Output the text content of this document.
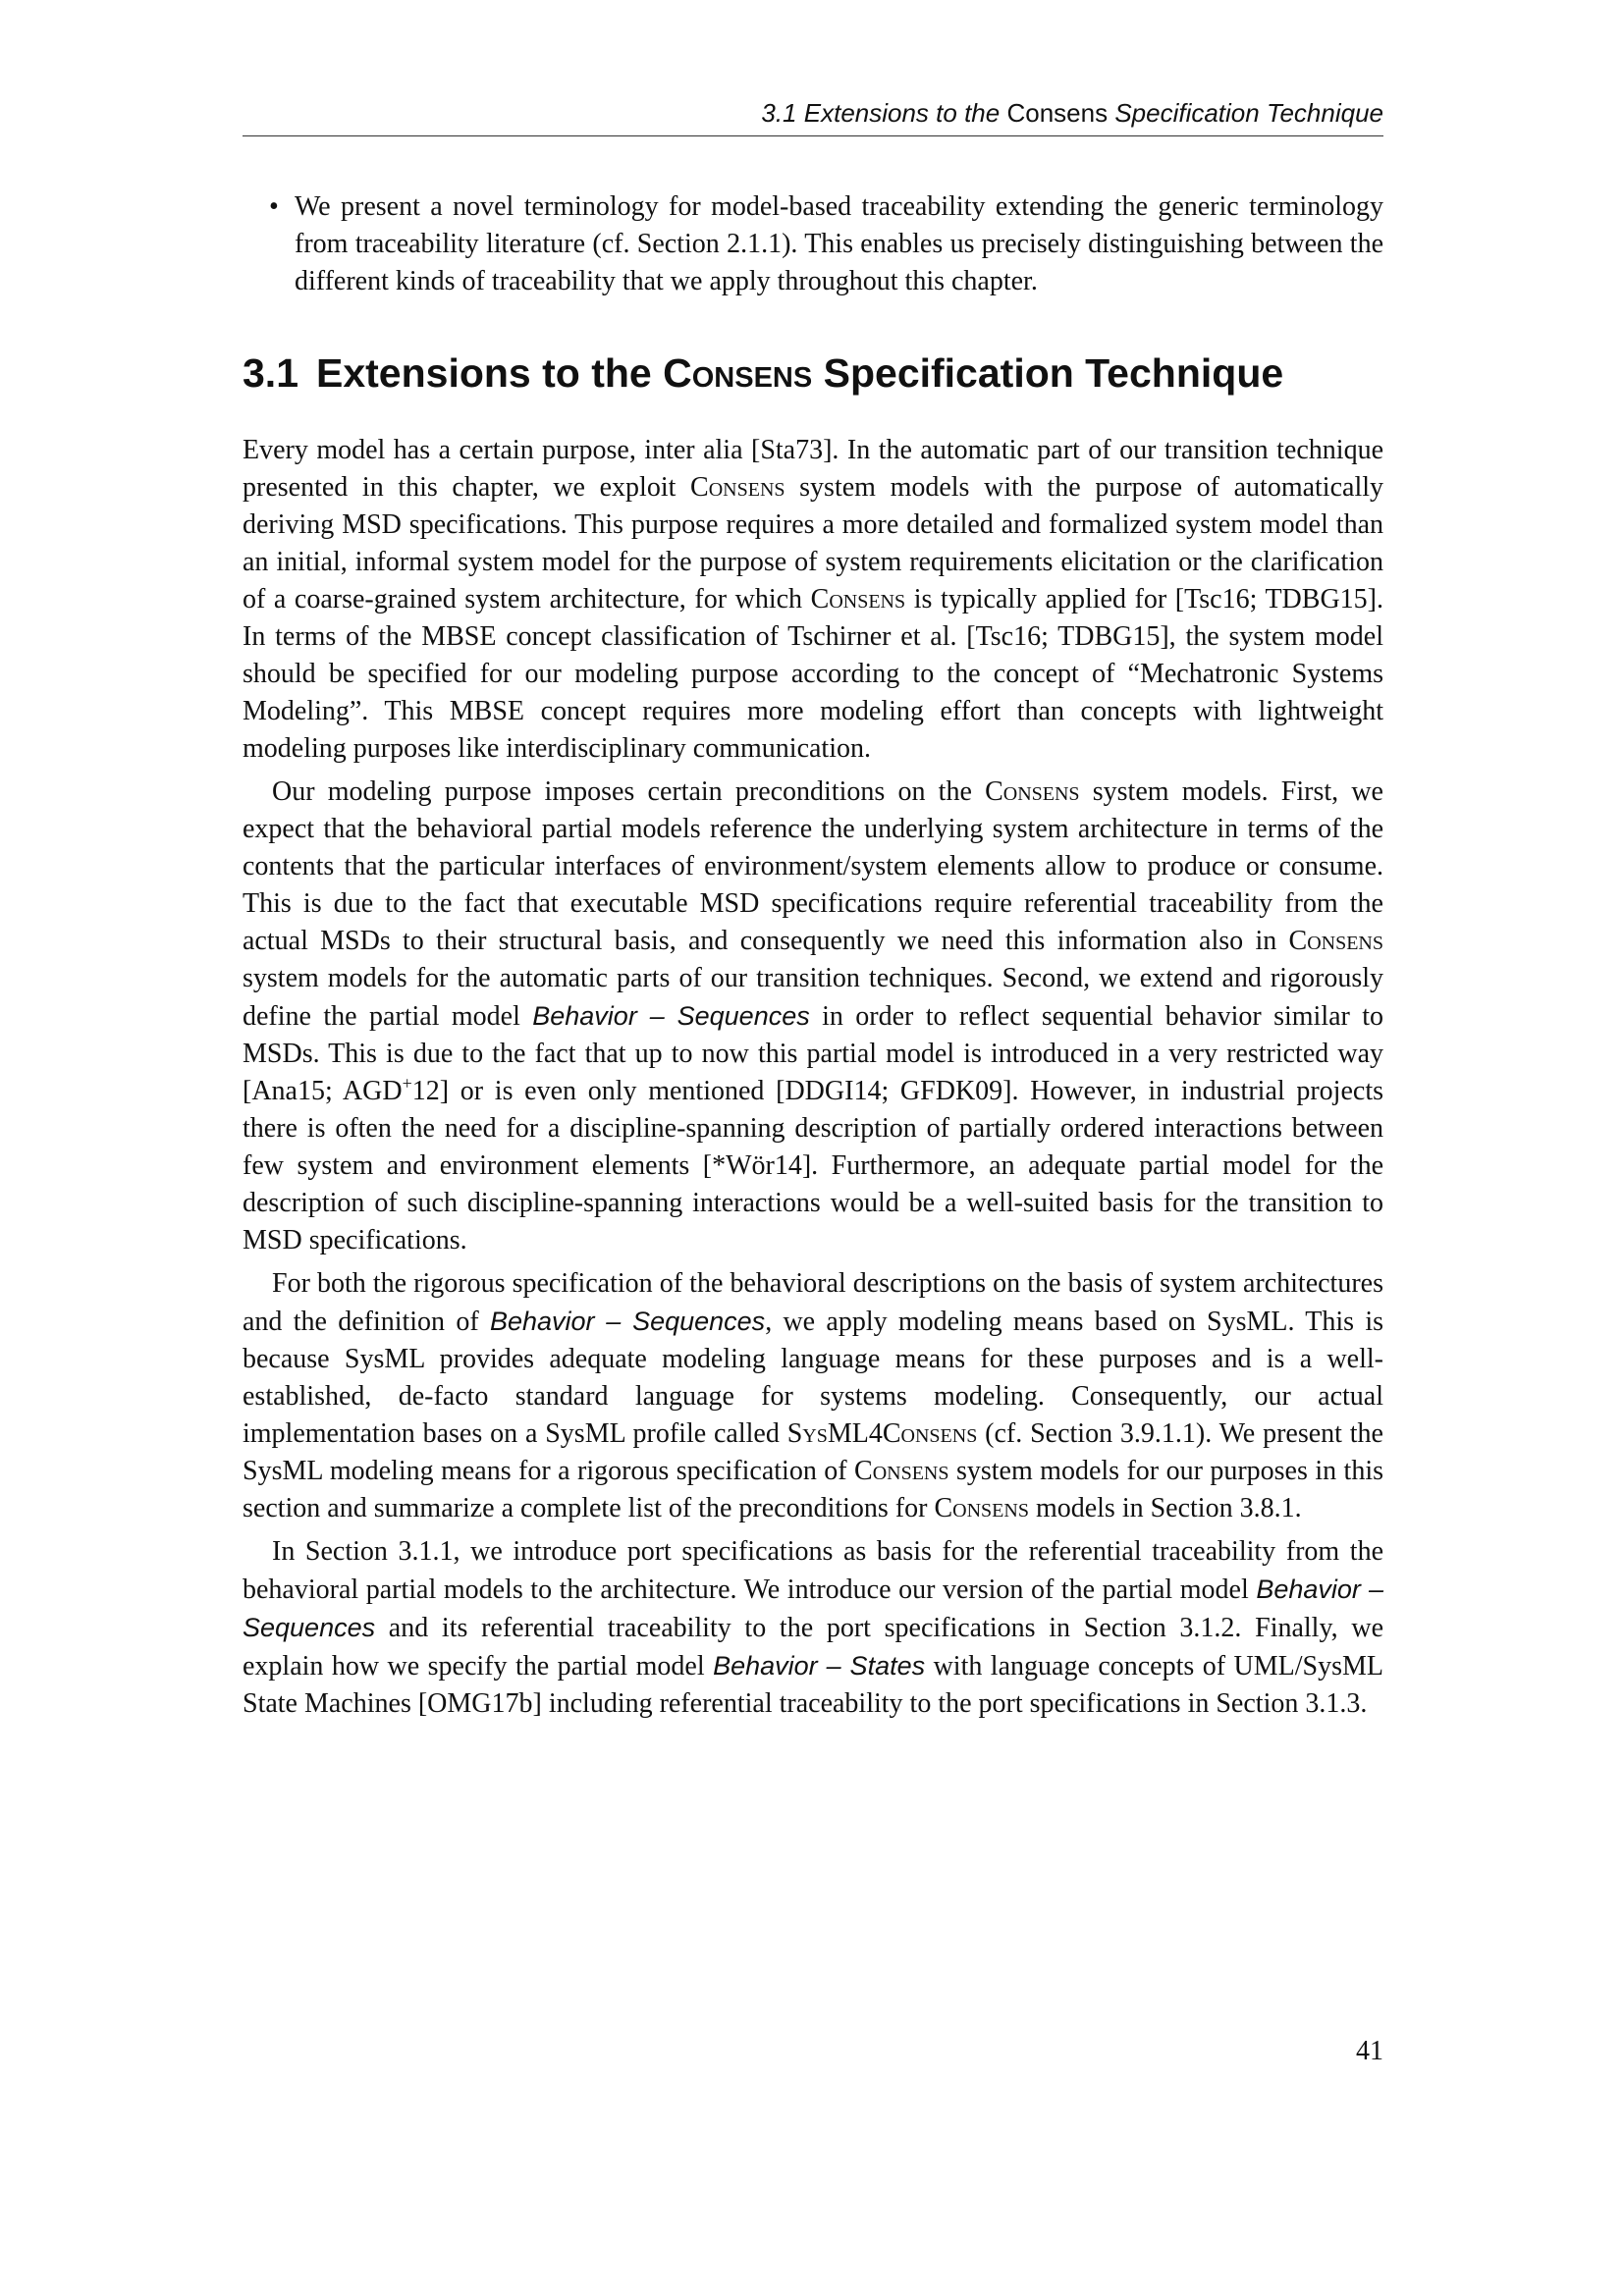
3.1 Extensions to the Consens Specification Technique
• We present a novel terminology for model-based traceability extending the generic terminology from traceability literature (cf. Section 2.1.1). This enables us precisely distinguishing between the different kinds of traceability that we apply throughout this chapter.
3.1 Extensions to the Consens Specification Technique

Every model has a certain purpose, inter alia [Sta73]. In the automatic part of our transition technique presented in this chapter, we exploit Consens system models with the purpose of automatically deriving MSD specifications. This purpose requires a more detailed and formalized system model than an initial, informal system model for the purpose of system requirements elicitation or the clarification of a coarse-grained system architecture, for which Consens is typically applied for [Tsc16; TDBG15]. In terms of the MBSE concept classification of Tschirner et al. [Tsc16; TDBG15], the system model should be specified for our modeling purpose according to the concept of “Mechatronic Systems Modeling”. This MBSE concept requires more modeling effort than concepts with lightweight modeling purposes like interdisciplinary communication.

Our modeling purpose imposes certain preconditions on the Consens system models. First, we expect that the behavioral partial models reference the underlying system architecture in terms of the contents that the particular interfaces of environment/system elements allow to produce or consume. This is due to the fact that executable MSD specifications require referential traceability from the actual MSDs to their structural basis, and consequently we need this information also in Consens system models for the automatic parts of our transition techniques. Second, we extend and rigorously define the partial model Behavior – Sequences in order to reflect sequential behavior similar to MSDs. This is due to the fact that up to now this partial model is introduced in a very restricted way [Ana15; AGD+12] or is even only mentioned [DDGI14; GFDK09]. However, in industrial projects there is often the need for a discipline-spanning description of partially ordered interactions between few system and environment elements [*Wör14]. Furthermore, an adequate partial model for the description of such discipline-spanning interactions would be a well-suited basis for the transition to MSD specifications.

For both the rigorous specification of the behavioral descriptions on the basis of system architectures and the definition of Behavior – Sequences, we apply modeling means based on SysML. This is because SysML provides adequate modeling language means for these purposes and is a well-established, de-facto standard language for systems modeling. Consequently, our actual implementation bases on a SysML profile called SysML4Consens (cf. Section 3.9.1.1). We present the SysML modeling means for a rigorous specification of Consens system models for our purposes in this section and summarize a complete list of the preconditions for Consens models in Section 3.8.1.

In Section 3.1.1, we introduce port specifications as basis for the referential traceability from the behavioral partial models to the architecture. We introduce our version of the partial model Behavior – Sequences and its referential traceability to the port specifications in Section 3.1.2. Finally, we explain how we specify the partial model Behavior – States with language concepts of UML/SysML State Machines [OMG17b] including referential traceability to the port specifications in Section 3.1.3.

41
